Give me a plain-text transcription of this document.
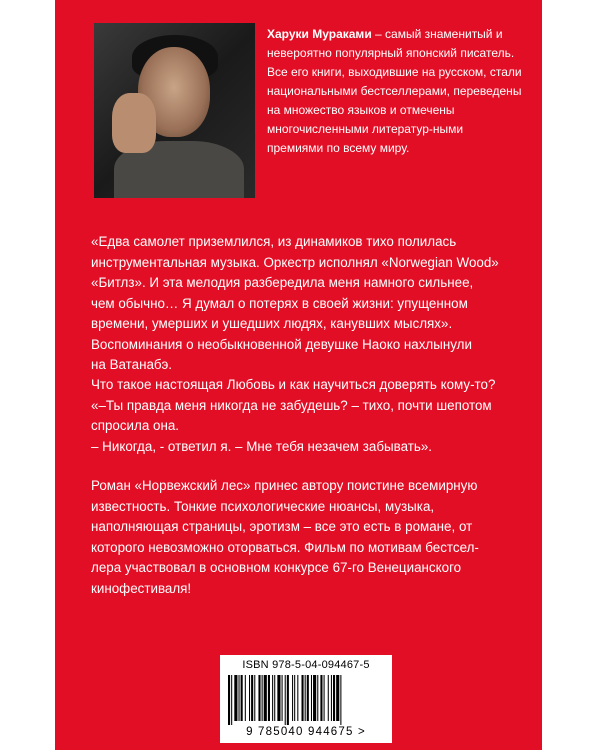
Харуки Мураками – самый знаменитый и невероятно популярный японский писатель. Все его книги, выходившие на русском, стали национальными бестселлерами, переведены на множество языков и отмечены многочисленными литератур-ными премиями по всему миру.
«Едва самолет приземлился, из динамиков тихо полилась
инструментальная музыка. Оркестр исполнял «Norwegian Wood»
«Битлз». И эта мелодия разбередила меня намного сильнее,
чем обычно… Я думал о потерях в своей жизни: упущенном
времени, умерших и ушедших людях, канувших мыслях».
Воспоминания о необыкновенной девушке Наоко нахлынули
на Ватанабэ.
Что такое настоящая Любовь и как научиться доверять кому-то?
«–Ты правда меня никогда не забудешь? – тихо, почти шепотом
спросила она.
– Никогда, - ответил я. – Мне тебя незачем забывать».
Роман «Норвежский лес» принес автору поистине всемирную
известность. Тонкие психологические нюансы, музыка,
наполняющая страницы, эротизм – все это есть в романе, от
которого невозможно оторваться. Фильм по мотивам бестсел-
лера участвовал в основном конкурсе 67-го Венецианского
кинофестиваля!
ISBN 978-5-04-094467-5
9 785040 944675 >
